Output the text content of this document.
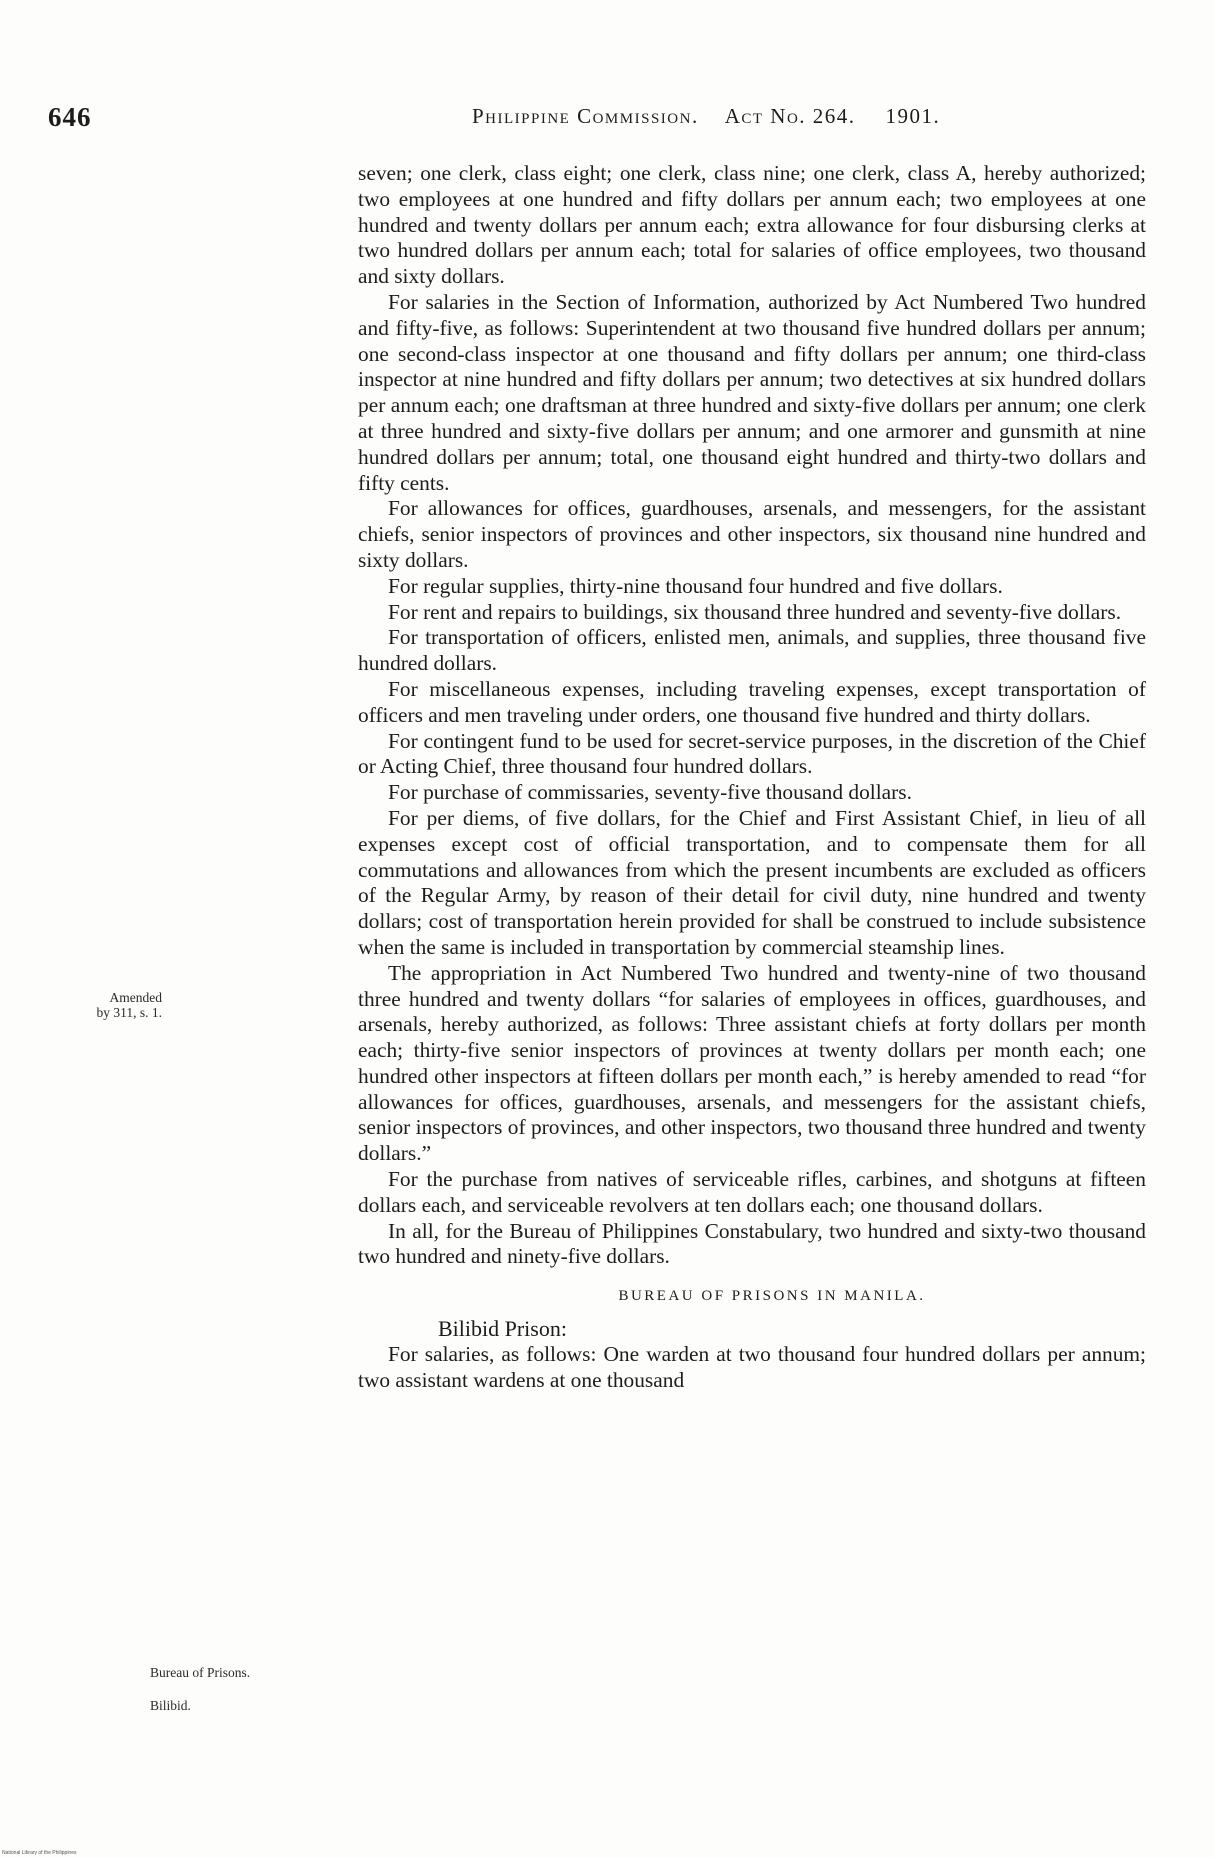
646	Philippine Commission. Act No. 264. 1901.
Amended
by 311, s. 1.
Bureau of Prisons.
Bilibid.

seven; one clerk, class eight; one clerk, class nine; one clerk, class A, hereby authorized; two employees at one hundred and fifty dollars per annum each; two employees at one hundred and twenty dollars per annum each; extra allowance for four disbursing clerks at two hundred dollars per annum each; total for salaries of office employees, two thousand and sixty dollars.

For salaries in the Section of Information, authorized by Act Numbered Two hundred and fifty-five, as follows: Superintendent at two thousand five hundred dollars per annum; one second-class inspector at one thousand and fifty dollars per annum; one third-class inspector at nine hundred and fifty dollars per annum; two detectives at six hundred dollars per annum each; one draftsman at three hundred and sixty-five dollars per annum; one clerk at three hundred and sixty-five dollars per annum; and one armorer and gunsmith at nine hundred dollars per annum; total, one thousand eight hundred and thirty-two dollars and fifty cents.

For allowances for offices, guardhouses, arsenals, and messengers, for the assistant chiefs, senior inspectors of provinces and other inspectors, six thousand nine hundred and sixty dollars.

For regular supplies, thirty-nine thousand four hundred and five dollars.

For rent and repairs to buildings, six thousand three hundred and seventy-five dollars.

For transportation of officers, enlisted men, animals, and supplies, three thousand five hundred dollars.

For miscellaneous expenses, including traveling expenses, except transportation of officers and men traveling under orders, one thousand five hundred and thirty dollars.

For contingent fund to be used for secret-service purposes, in the discretion of the Chief or Acting Chief, three thousand four hundred dollars.

For purchase of commissaries, seventy-five thousand dollars.

For per diems, of five dollars, for the Chief and First Assistant Chief, in lieu of all expenses except cost of official transportation, and to compensate them for all commutations and allowances from which the present incumbents are excluded as officers of the Regular Army, by reason of their detail for civil duty, nine hundred and twenty dollars; cost of transportation herein provided for shall be construed to include subsistence when the same is included in transportation by commercial steamship lines.

The appropriation in Act Numbered Two hundred and twenty-nine of two thousand three hundred and twenty dollars “for salaries of employees in offices, guardhouses, and arsenals, hereby authorized, as follows: Three assistant chiefs at forty dollars per month each; thirty-five senior inspectors of provinces at twenty dollars per month each; one hundred other inspectors at fifteen dollars per month each,” is hereby amended to read “for allowances for offices, guardhouses, arsenals, and messengers for the assistant chiefs, senior inspectors of provinces, and other inspectors, two thousand three hundred and twenty dollars.”

For the purchase from natives of serviceable rifles, carbines, and shotguns at fifteen dollars each, and serviceable revolvers at ten dollars each; one thousand dollars.

In all, for the Bureau of Philippines Constabulary, two hundred and sixty-two thousand two hundred and ninety-five dollars.

BUREAU OF PRISONS IN MANILA.

Bilibid Prison:

For salaries, as follows: One warden at two thousand four hundred dollars per annum; two assistant wardens at one thousand

National Library of the Philippines
